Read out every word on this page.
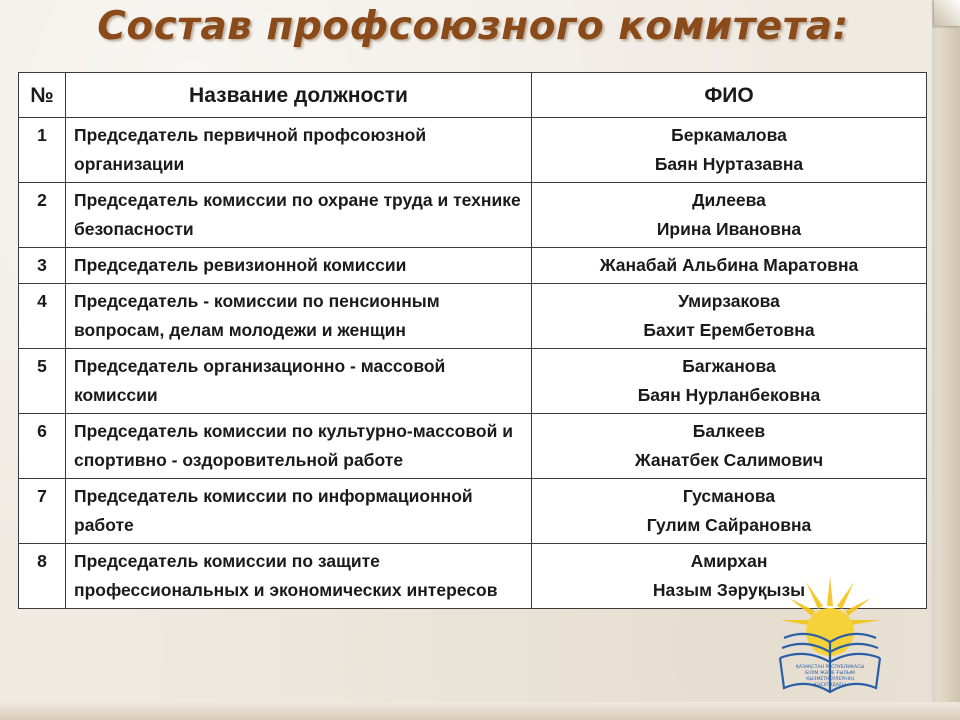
Состав профсоюзного комитета:
№	Название должности	ФИО
1	Председатель первичной профсоюзной организации	Беркамалова
Баян Нуртазавна

2	Председатель комиссии по охране труда и технике безопасности	Дилеева
Ирина Ивановна

3	Председатель ревизионной комиссии	Жанабай Альбина Маратовна

4	Председатель - комиссии по пенсионным вопросам, делам молодежи и женщин	Умирзакова
Бахит Ерембетовна

5	Председатель организационно - массовой комиссии	Багжанова
Баян Нурланбековна

6	Председатель комиссии по культурно-массовой и спортивно - оздоровительной работе	Балкеев
Жанатбек Салимович

7	Председатель комиссии по информационной работе	Гусманова
Гулим Сайрановна

8	Председатель комиссии по защите профессиональных и экономических интересов	Амирхан
Назым Зәруқызы
ҚАЗАҚСТАН РЕСПУБЛИКАСЫ
БІЛІМ ЖӘНЕ ҒЫЛЫМ
ҚЫЗМЕТКЕРЛЕРІНІҢ
КӘСІПОДАҒЫ
